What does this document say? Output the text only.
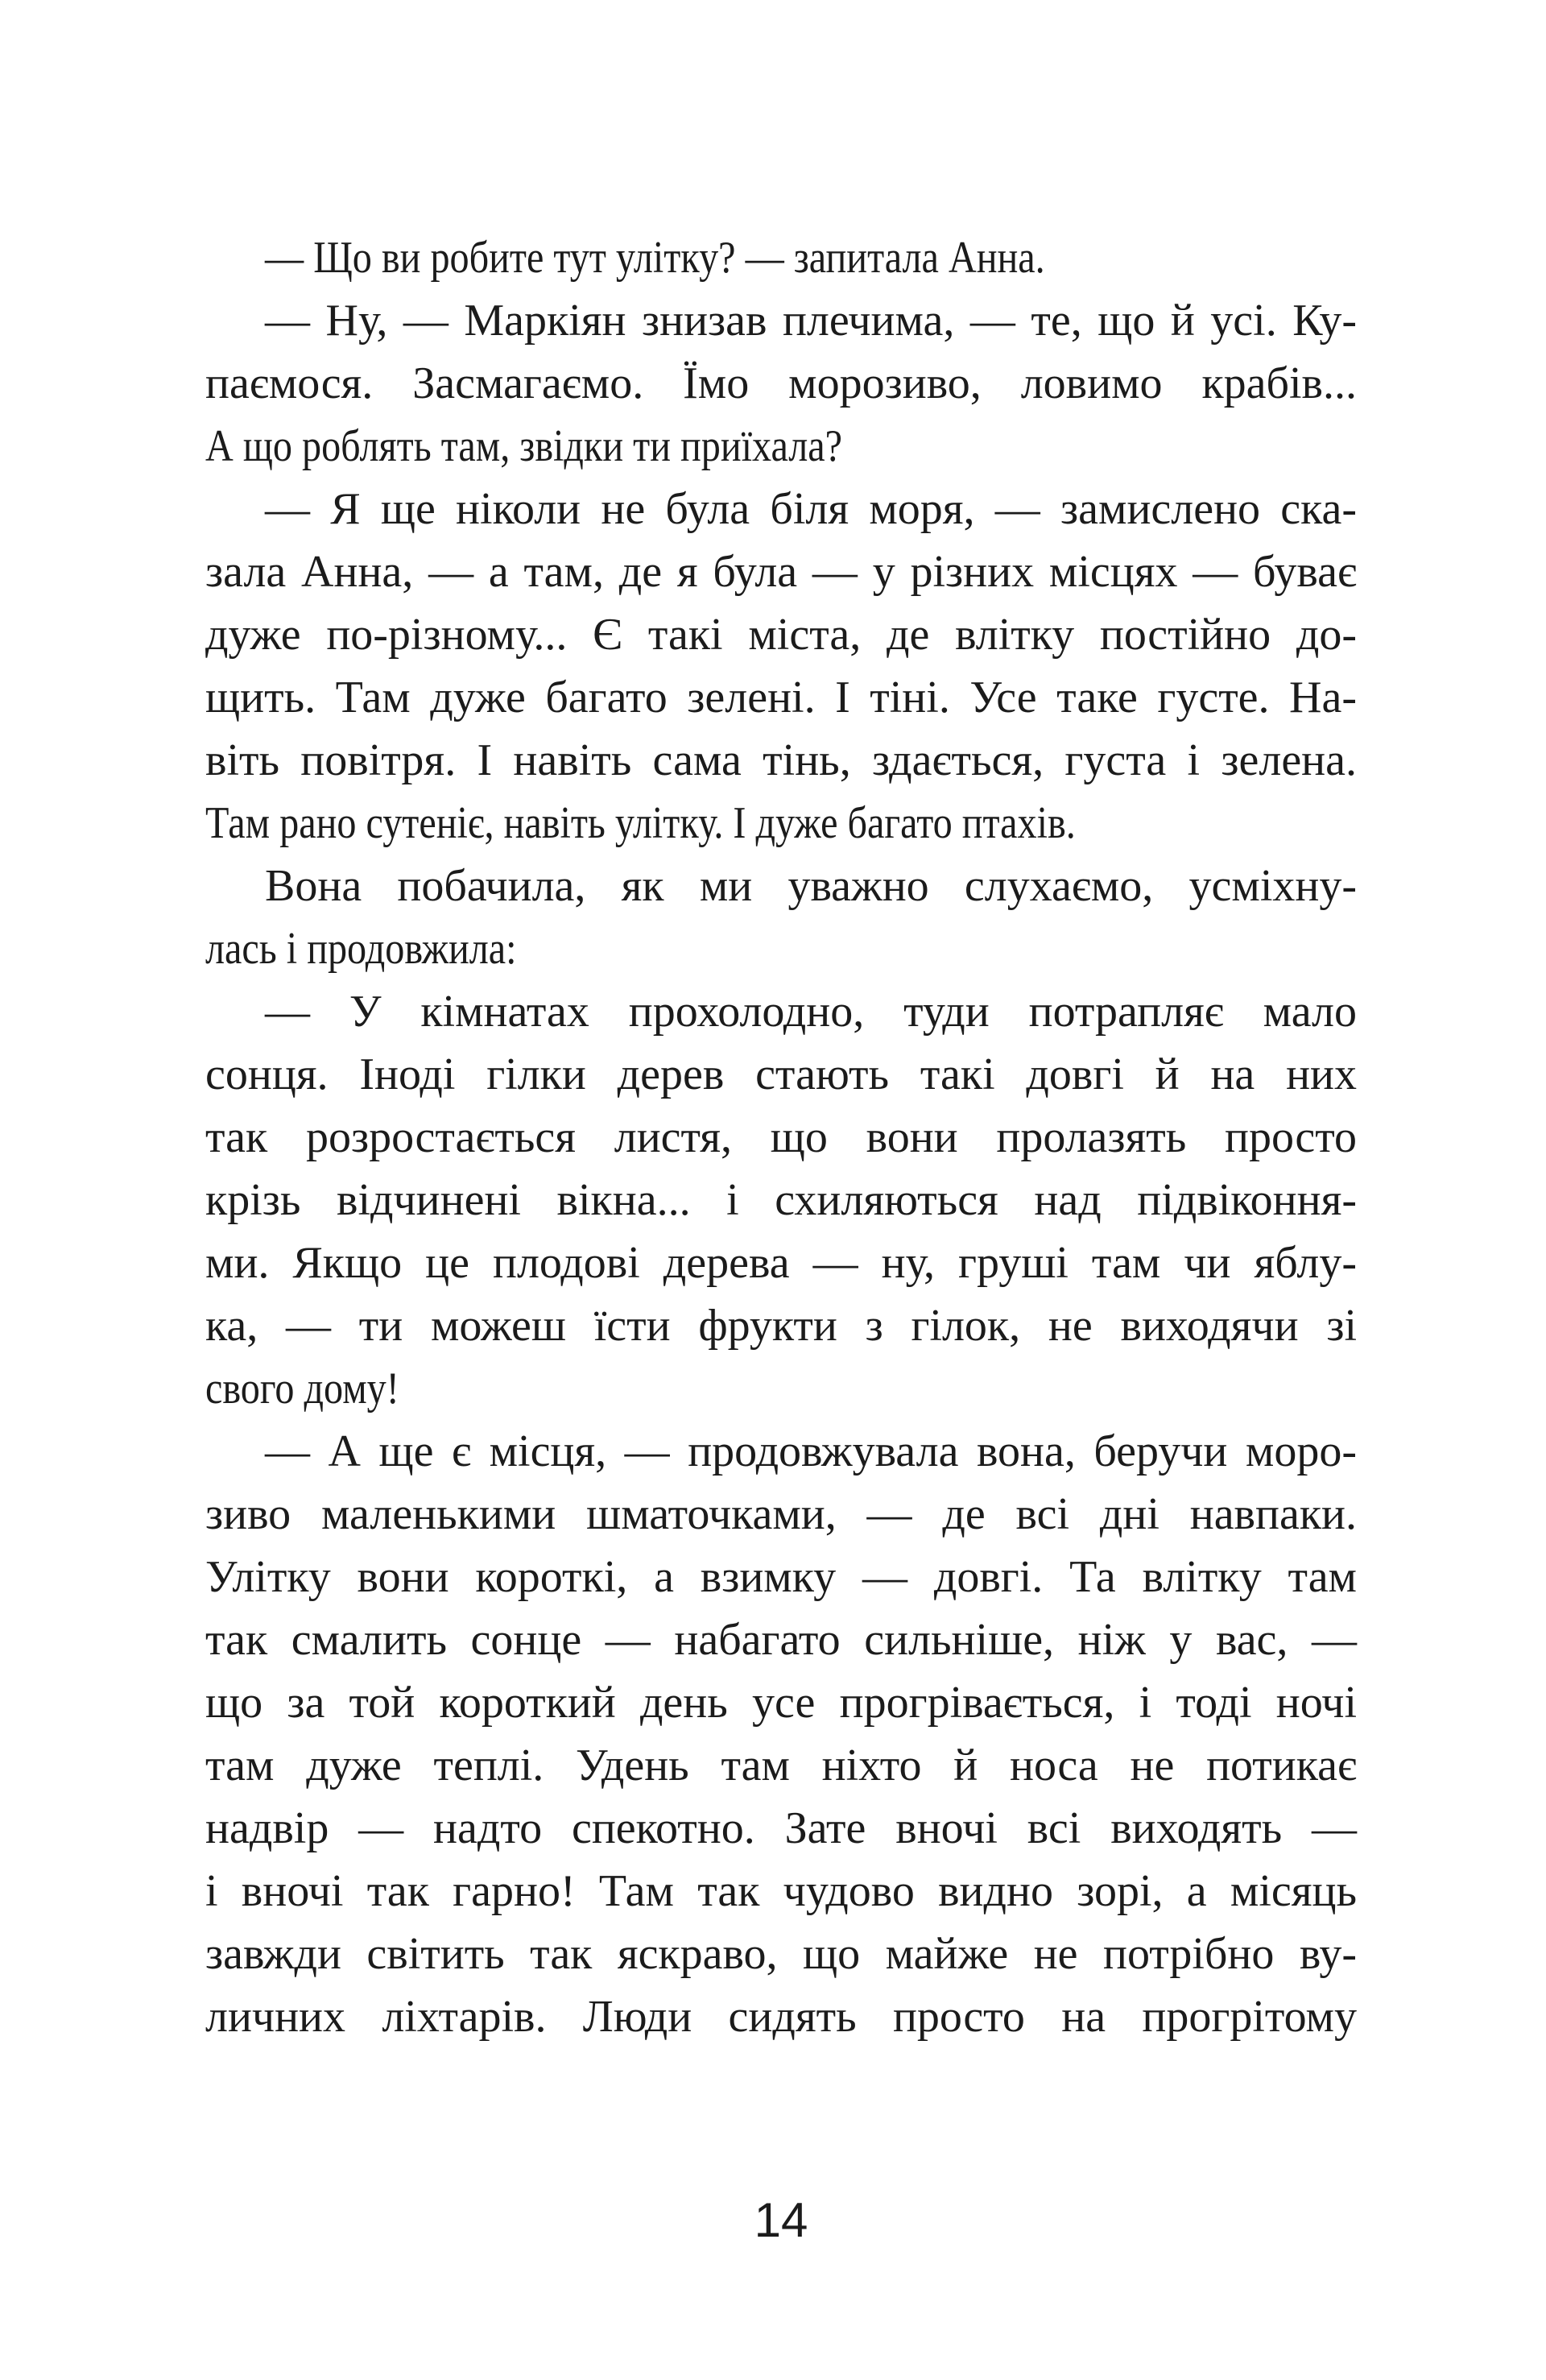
— Що ви робите тут улітку? — запитала Анна.
— Ну, — Маркіян знизав плечима, — те, що й усі. Ку-
паємося. Засмагаємо. Їмо морозиво, ловимо крабів...
А що роблять там, звідки ти приїхала?
— Я ще ніколи не була біля моря, — замислено ска-
зала Анна, — а там, де я була — у різних місцях — буває
дуже по-різному... Є такі міста, де влітку постійно до-
щить. Там дуже багато зелені. І тіні. Усе таке густе. На-
віть повітря. І навіть сама тінь, здається, густа і зелена.
Там рано сутеніє, навіть улітку. І дуже багато птахів.
Вона побачила, як ми уважно слухаємо, усміхну-
лась і продовжила:
— У кімнатах прохолодно, туди потрапляє мало
сонця. Іноді гілки дерев стають такі довгі й на них
так розростається листя, що вони пролазять просто
крізь відчинені вікна... і схиляються над підвіконня-
ми. Якщо це плодові дерева — ну, груші там чи яблу-
ка, — ти можеш їсти фрукти з гілок, не виходячи зі
свого дому!
— А ще є місця, — продовжувала вона, беручи моро-
зиво маленькими шматочками, — де всі дні навпаки.
Улітку вони короткі, а взимку — довгі. Та влітку там
так смалить сонце — набагато сильніше, ніж у вас, —
що за той короткий день усе прогрівається, і тоді ночі
там дуже теплі. Удень там ніхто й носа не потикає
надвір — надто спекотно. Зате вночі всі виходять —
і вночі так гарно! Там так чудово видно зорі, а місяць
завжди світить так яскраво, що майже не потрібно ву-
личних ліхтарів. Люди сидять просто на прогрітому
14
